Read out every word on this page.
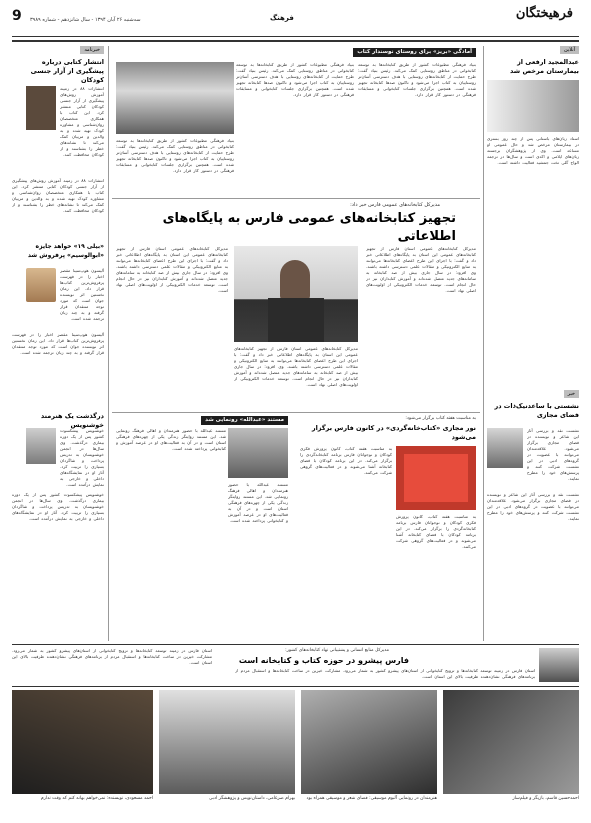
9 سه‌شنبه ۲۶ آبان ۱۳۹۴ - سال شانزدهم - شماره ۳۹۸۹	فرهنگ	فرهیختگان
خبرنامه
انتشار کتابی درباره پیشگیری از آزار جنسی کودکان
انتشارات ۸۸ در زمینه آموزش روش‌های پیشگیری از آزار جنسی کودکان کتابی منتشر کرد. این کتاب با همکاری متخصصان روان‌شناسی و مشاوره کودک تهیه شده و به والدین و مربیان کمک می‌کند تا نشانه‌های خطر را بشناسند و از کودکان محافظت کنند.
انتشارات ۸۸ در زمینه آموزش روش‌های پیشگیری از آزار جنسی کودکان کتابی منتشر کرد. این کتاب با همکاری متخصصان روان‌شناسی و مشاوره کودک تهیه شده و به والدین و مربیان کمک می‌کند تا نشانه‌های خطر را بشناسند و از کودکان محافظت کنند.
«بیلی ۱۹» خواهد جایزه «ابوالوسیم» پرفروش شد
آلیسون هوپ‌سینا مقصر اخبار را در فهرست پرفروش‌ترین کتاب‌ها قرار داد. این رمان نخستین اثر نویسنده جوان است که مورد توجه منتقدان قرار گرفته و به چند زبان ترجمه شده است.
آلیسون هوپ‌سینا مقصر اخبار را در فهرست پرفروش‌ترین کتاب‌ها قرار داد. این رمان نخستین اثر نویسنده جوان است که مورد توجه منتقدان قرار گرفته و به چند زبان ترجمه شده است.
درگذشت یک هنرمند خوشنویس
خوشنویس پیشکسوت کشور پس از یک دوره بیماری درگذشت. وی سال‌ها در انجمن خوشنویسان به تدریس پرداخت و شاگردان بسیاری را تربیت کرد. آثار او در نمایشگاه‌های داخلی و خارجی به نمایش درآمده است.
خوشنویس پیشکسوت کشور پس از یک دوره بیماری درگذشت. وی سال‌ها در انجمن خوشنویسان به تدریس پرداخت و شاگردان بسیاری را تربیت کرد. آثار او در نمایشگاه‌های داخلی و خارجی به نمایش درآمده است.
آمادگی «بریز» برای روستای نوسندار کتاب
بنیاد فرهنگی مطبوعات کشور از طریق کتابخانه‌ها به توسعه کتابخوانی در مناطق روستایی کمک می‌کند. رئیس بنیاد گفت: طرح حمایت از کتابخانه‌های روستایی با هدف دسترسی آسان‌تر روستاییان به کتاب اجرا می‌شود و تاکنون صدها کتابخانه تجهیز شده است. همچنین برگزاری جلسات کتابخوانی و مسابقات فرهنگی در دستور کار قرار دارد.
بنیاد فرهنگی مطبوعات کشور از طریق کتابخانه‌ها به توسعه کتابخوانی در مناطق روستایی کمک می‌کند. رئیس بنیاد گفت: طرح حمایت از کتابخانه‌های روستایی با هدف دسترسی آسان‌تر روستاییان به کتاب اجرا می‌شود و تاکنون صدها کتابخانه تجهیز شده است. همچنین برگزاری جلسات کتابخوانی و مسابقات فرهنگی در دستور کار قرار دارد.
بنیاد فرهنگی مطبوعات کشور از طریق کتابخانه‌ها به توسعه کتابخوانی در مناطق روستایی کمک می‌کند. رئیس بنیاد گفت: طرح حمایت از کتابخانه‌های روستایی با هدف دسترسی آسان‌تر روستاییان به کتاب اجرا می‌شود و تاکنون صدها کتابخانه تجهیز شده است. همچنین برگزاری جلسات کتابخوانی و مسابقات فرهنگی در دستور کار قرار دارد.
مدیرکل کتابخانه‌های عمومی فارس خبر داد:
تجهیز کتابخانه‌های عمومی فارس به پایگاه‌های اطلاعاتی
مدیرکل کتابخانه‌های عمومی استان فارس از تجهیز کتابخانه‌های عمومی این استان به پایگاه‌های اطلاعاتی خبر داد و گفت: با اجرای این طرح اعضای کتابخانه‌ها می‌توانند به منابع الکترونیکی و مقالات علمی دسترسی داشته باشند. وی افزود: در سال جاری بیش از صد کتابخانه به سامانه‌های جدید متصل شده‌اند و آموزش کتابداران نیز در حال انجام است. توسعه خدمات الکترونیکی از اولویت‌های اصلی نهاد است.
مدیرکل کتابخانه‌های عمومی استان فارس از تجهیز کتابخانه‌های عمومی این استان به پایگاه‌های اطلاعاتی خبر داد و گفت: با اجرای این طرح اعضای کتابخانه‌ها می‌توانند به منابع الکترونیکی و مقالات علمی دسترسی داشته باشند. وی افزود: در سال جاری بیش از صد کتابخانه به سامانه‌های جدید متصل شده‌اند و آموزش کتابداران نیز در حال انجام است. توسعه خدمات الکترونیکی از اولویت‌های اصلی نهاد است.
مدیرکل کتابخانه‌های عمومی استان فارس از تجهیز کتابخانه‌های عمومی این استان به پایگاه‌های اطلاعاتی خبر داد و گفت: با اجرای این طرح اعضای کتابخانه‌ها می‌توانند به منابع الکترونیکی و مقالات علمی دسترسی داشته باشند. وی افزود: در سال جاری بیش از صد کتابخانه به سامانه‌های جدید متصل شده‌اند و آموزش کتابداران نیز در حال انجام است. توسعه خدمات الکترونیکی از اولویت‌های اصلی نهاد است.
مستند «عبدالله» رونمایی شد
مستند عبدالله با حضور هنرمندان و اهالی فرهنگ رونمایی شد. این مستند روایتگر زندگی یکی از چهره‌های فرهنگی استان است و در آن به فعالیت‌های او در عرصه آموزش و کتابخوانی پرداخته شده است.
مستند عبدالله با حضور هنرمندان و اهالی فرهنگ رونمایی شد. این مستند روایتگر زندگی یکی از چهره‌های فرهنگی استان است و در آن به فعالیت‌های او در عرصه آموزش و کتابخوانی پرداخته شده است.
به مناسبت هفته کتاب برگزار می‌شود:
نور مجازی «کتاب‌خانه‌گردی» در کانون فارس برگزار می‌شود
به مناسبت هفته کتاب، کانون پرورش فکری کودکان و نوجوانان فارس برنامه کتابخانه‌گردی را برگزار می‌کند. در این برنامه کودکان با فضای کتابخانه آشنا می‌شوند و در فعالیت‌های گروهی شرکت می‌کنند.
به مناسبت هفته کتاب، کانون پرورش فکری کودکان و نوجوانان فارس برنامه کتابخانه‌گردی را برگزار می‌کند. در این برنامه کودکان با فضای کتابخانه آشنا می‌شوند و در فعالیت‌های گروهی شرکت می‌کنند.
آنلاین
عبدالمجید ارفعی از بیمارستان مرخص شد
استاد زبان‌های باستانی پس از چند روز بستری در بیمارستان مرخص شد و حال عمومی او مساعد است. وی از پژوهشگران برجسته زبان‌های ایلامی و اکدی است و سال‌ها در ترجمه الواح گلی تخت جمشید فعالیت داشته است.
خبر
نشستی با ساعدنیک‌ذات در فضای مجازی
نشست نقد و بررسی آثار این شاعر و نویسنده در فضای مجازی برگزار می‌شود. علاقه‌مندان می‌توانند با عضویت در گروه‌های ادبی در این نشست شرکت کنند و پرسش‌های خود را مطرح نمایند.
نشست نقد و بررسی آثار این شاعر و نویسنده در فضای مجازی برگزار می‌شود. علاقه‌مندان می‌توانند با عضویت در گروه‌های ادبی در این نشست شرکت کنند و پرسش‌های خود را مطرح نمایند.
مدیرکل منابع انسانی و پشتیبانی نهاد کتابخانه‌های کشور:
فارس پیشرو در حوزه کتاب و کتابخانه است
استان فارس در زمینه توسعه کتابخانه‌ها و ترویج کتابخوانی از استان‌های پیشرو کشور به شمار می‌رود. مشارکت خیرین در ساخت کتابخانه‌ها و استقبال مردم از برنامه‌های فرهنگی نشان‌دهنده ظرفیت بالای این استان است.
استان فارس در زمینه توسعه کتابخانه‌ها و ترویج کتابخوانی از استان‌های پیشرو کشور به شمار می‌رود. مشارکت خیرین در ساخت کتابخانه‌ها و استقبال مردم از برنامه‌های فرهنگی نشان‌دهنده ظرفیت بالای این استان است.
احمدحسین قاسم، بازیگر و فیلم‌ساز
هنرمندان در رونمایی آلبوم موسیقی: فضای شعر و موسیقی همراه بود
بهرام ضرغامی، داستان‌نویس و پژوهشگر ادبی
احمد مسعودی، نویسنده: نمی‌خواهم بهانه کنم که وقت ندارم
